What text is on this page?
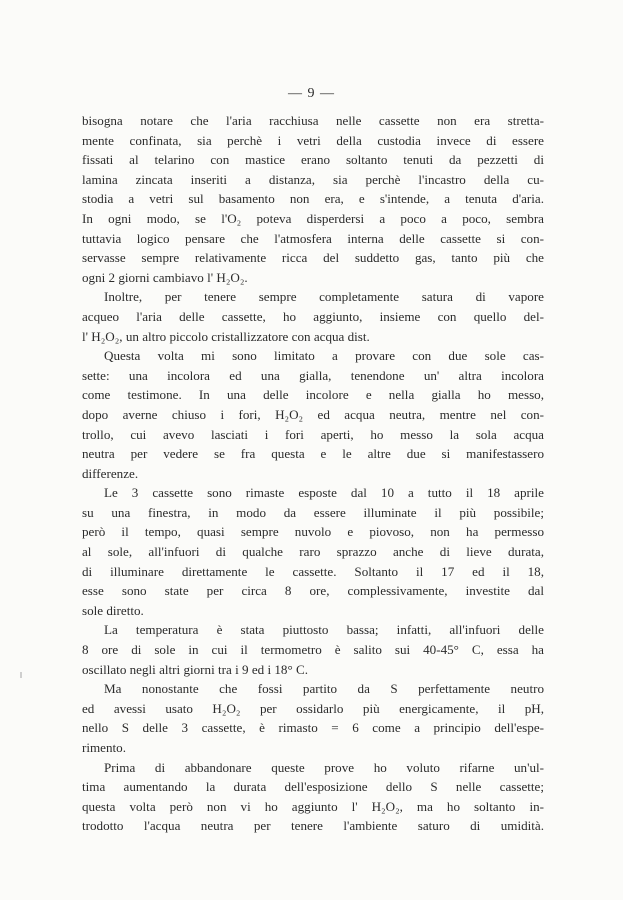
— 9 —
bisogna notare che l'aria racchiusa nelle cassette non era stretta-
mente confinata, sia perchè i vetri della custodia invece di essere
fissati al telarino con mastice erano soltanto tenuti da pezzetti di
lamina zincata inseriti a distanza, sia perchè l'incastro della cu-
stodia a vetri sul basamento non era, e s'intende, a tenuta d'aria.
In ogni modo, se l'O₂ poteva disperdersi a poco a poco, sembra
tuttavia logico pensare che l'atmosfera interna delle cassette si con-
servasse sempre relativamente ricca del suddetto gas, tanto più che
ogni 2 giorni cambiavo l' H₂O₂.
Inoltre, per tenere sempre completamente satura di vapore
acqueo l'aria delle cassette, ho aggiunto, insieme con quello del-
l' H₂O₂, un altro piccolo cristallizzatore con acqua dist.
Questa volta mi sono limitato a provare con due sole cas-
sette: una incolora ed una gialla, tenendone un' altra incolora
come testimone. In una delle incolore e nella gialla ho messo,
dopo averne chiuso i fori, H₂O₂ ed acqua neutra, mentre nel con-
trollo, cui avevo lasciati i fori aperti, ho messo la sola acqua
neutra per vedere se fra questa e le altre due si manifestassero
differenze.
Le 3 cassette sono rimaste esposte dal 10 a tutto il 18 aprile
su una finestra, in modo da essere illuminate il più possibile;
però il tempo, quasi sempre nuvolo e piovoso, non ha permesso
al sole, all'infuori di qualche raro sprazzo anche di lieve durata,
di illuminare direttamente le cassette. Soltanto il 17 ed il 18,
esse sono state per circa 8 ore, complessivamente, investite dal
sole diretto.
La temperatura è stata piuttosto bassa; infatti, all'infuori delle
8 ore di sole in cui il termometro è salito sui 40-45° C, essa ha
oscillato negli altri giorni tra i 9 ed i 18° C.
Ma nonostante che fossi partito da S perfettamente neutro
ed avessi usato H₂O₂ per ossidarlo più energicamente, il pH,
nello S delle 3 cassette, è rimasto = 6 come a principio dell'espe-
rimento.
Prima di abbandonare queste prove ho voluto rifarne un'ul-
tima aumentando la durata dell'esposizione dello S nelle cassette;
questa volta però non vi ho aggiunto l' H₂O₂, ma ho soltanto in-
trodotto l'acqua neutra per tenere l'ambiente saturo di umidità.
